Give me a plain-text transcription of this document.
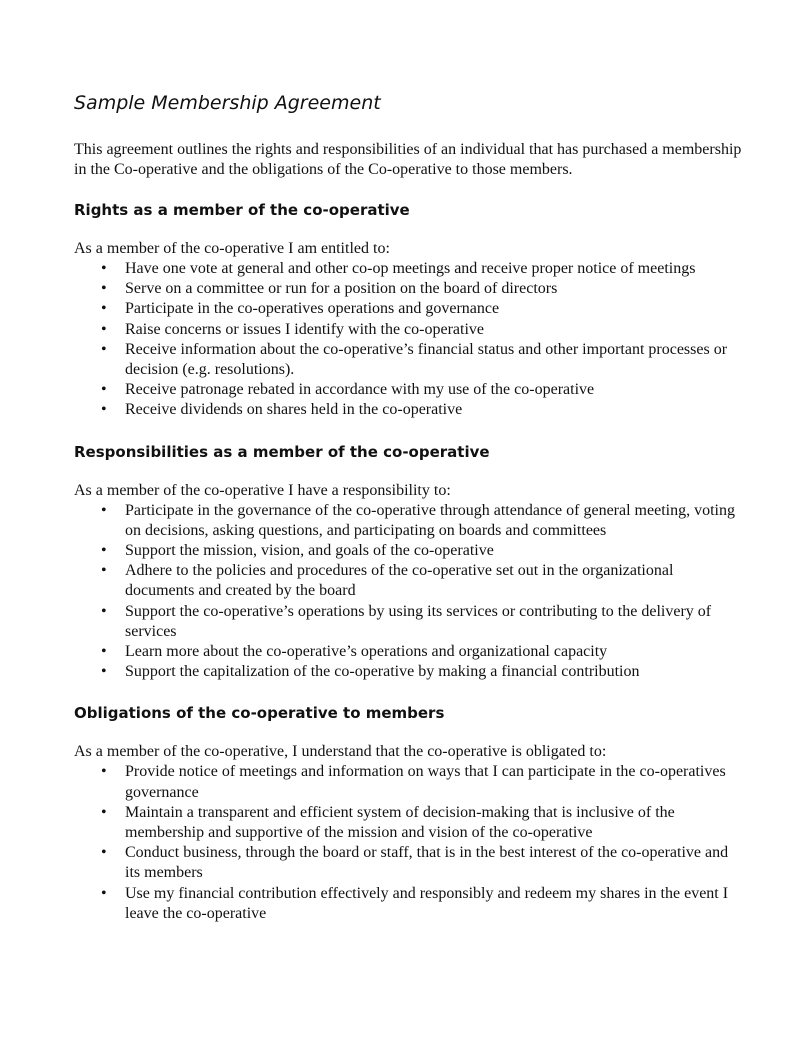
Sample Membership Agreement

This agreement outlines the rights and responsibilities of an individual that has purchased a membership in the Co-operative and the obligations of the Co-operative to those members.

Rights as a member of the co-operative

As a member of the co-operative I am entitled to:

• Have one vote at general and other co-op meetings and receive proper notice of meetings
• Serve on a committee or run for a position on the board of directors
• Participate in the co-operatives operations and governance
• Raise concerns or issues I identify with the co-operative
• Receive information about the co-operative’s financial status and other important processes or decision (e.g. resolutions).
• Receive patronage rebated in accordance with my use of the co-operative
• Receive dividends on shares held in the co-operative
Responsibilities as a member of the co-operative

As a member of the co-operative I have a responsibility to:

• Participate in the governance of the co-operative through attendance of general meeting, voting on decisions, asking questions, and participating on boards and committees
• Support the mission, vision, and goals of the co-operative
• Adhere to the policies and procedures of the co-operative set out in the organizational documents and created by the board
• Support the co-operative’s operations by using its services or contributing to the delivery of services
• Learn more about the co-operative’s operations and organizational capacity
• Support the capitalization of the co-operative by making a financial contribution
Obligations of the co-operative to members

As a member of the co-operative, I understand that the co-operative is obligated to:

• Provide notice of meetings and information on ways that I can participate in the co-operatives governance
• Maintain a transparent and efficient system of decision-making that is inclusive of the membership and supportive of the mission and vision of the co-operative
• Conduct business, through the board or staff, that is in the best interest of the co-operative and its members
• Use my financial contribution effectively and responsibly and redeem my shares in the event I leave the co-operative
